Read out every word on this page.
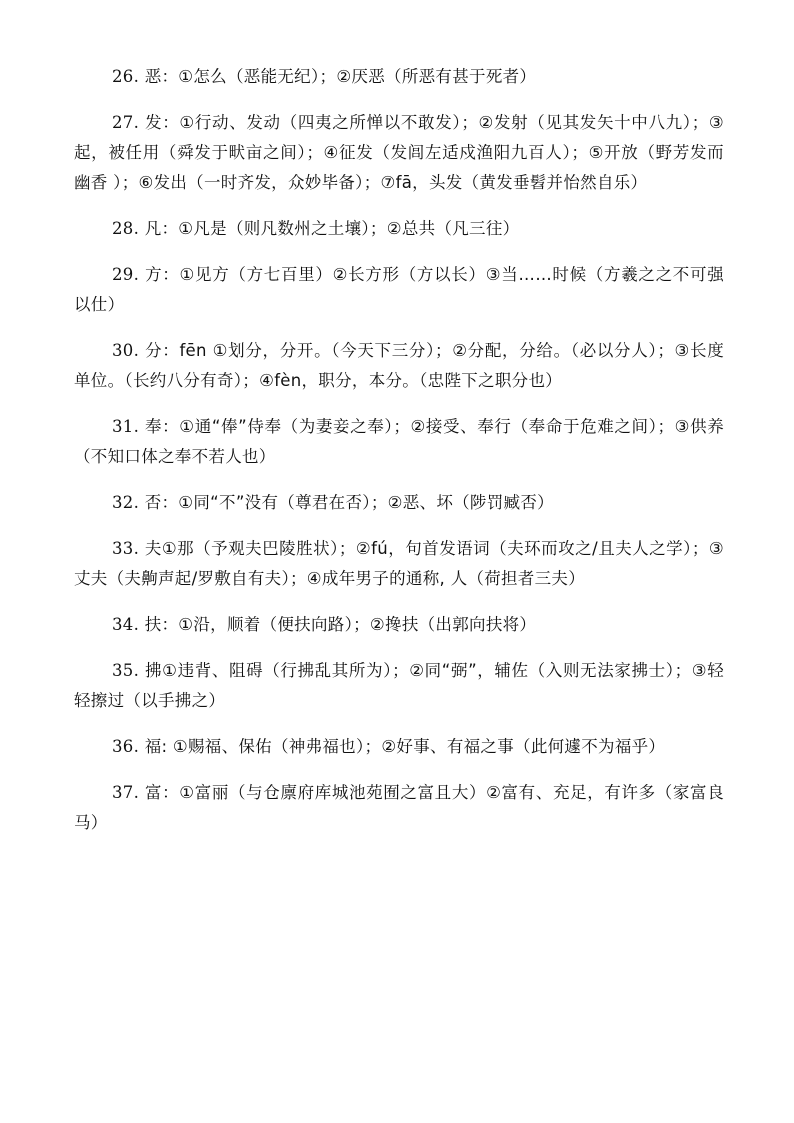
26. 恶：①怎么（恶能无纪）；②厌恶（所恶有甚于死者）

27. 发：①行动、发动（四夷之所惮以不敢发）；②发射（见其发矢十中八九）；③起，被任用（舜发于畎亩之间）；④征发（发闾左适戍渔阳九百人）；⑤开放（野芳发而幽香 ）；⑥发出（一时齐发，众妙毕备）；⑦fā，头发（黄发垂髫并怡然自乐）

28. 凡：①凡是（则凡数州之土壤）；②总共（凡三往）

29. 方：①见方（方七百里）②长方形（方以长）③当……时候（方羲之之不可强以仕）

30. 分：fēn ①划分，分开。（今天下三分）；②分配，分给。（必以分人）；③长度单位。（长约八分有奇）；④fèn，职分，本分。（忠陛下之职分也）

31. 奉：①通“俸”侍奉（为妻妾之奉）；②接受、奉行（奉命于危难之间）；③供养（不知口体之奉不若人也）

32. 否：①同“不”没有（尊君在否）；②恶、坏（陟罚臧否）

33. 夫①那（予观夫巴陵胜状）；②fú，句首发语词（夫环而攻之/且夫人之学）；③丈夫（夫齁声起/罗敷自有夫）；④成年男子的通称, 人（荷担者三夫）

34. 扶：①沿，顺着（便扶向路）；②搀扶（出郭向扶将）

35. 拂①违背、阻碍（行拂乱其所为）；②同“弼”，辅佐（入则无法家拂士）；③轻轻擦过（以手拂之）

36. 福: ①赐福、保佑（神弗福也）；②好事、有福之事（此何遽不为福乎）

37. 富：①富丽（与仓廪府库城池苑囿之富且大）②富有、充足，有许多（家富良马）
